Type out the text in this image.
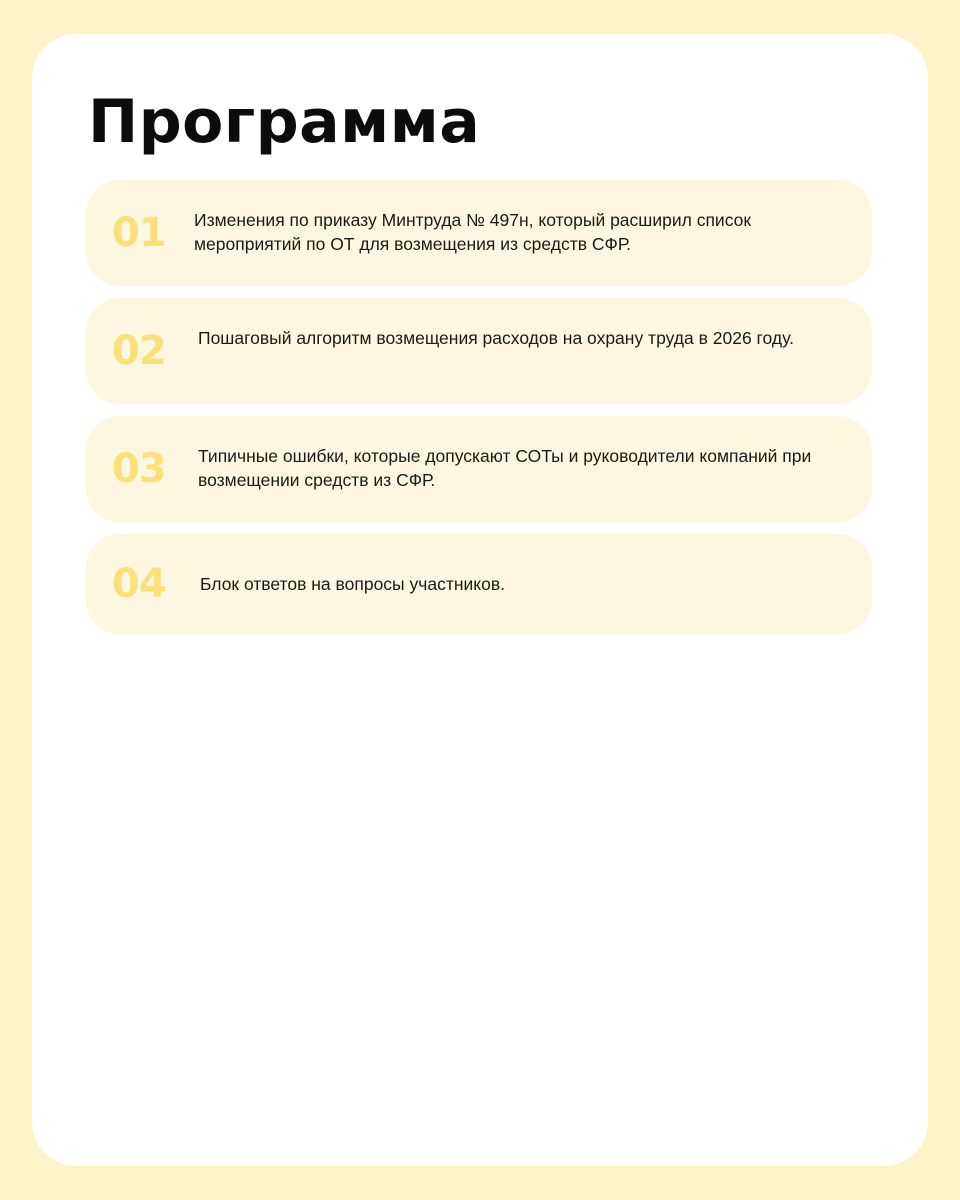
Программа
01 Изменения по приказу Минтруда № 497н, который расширил список мероприятий по ОТ для возмещения из средств СФР.

02 Пошаговый алгоритм возмещения расходов на охрану труда в 2026 году.

03 Типичные ошибки, которые допускают СОТы и руководители компаний при возмещении средств из СФР.

04 Блок ответов на вопросы участников.
